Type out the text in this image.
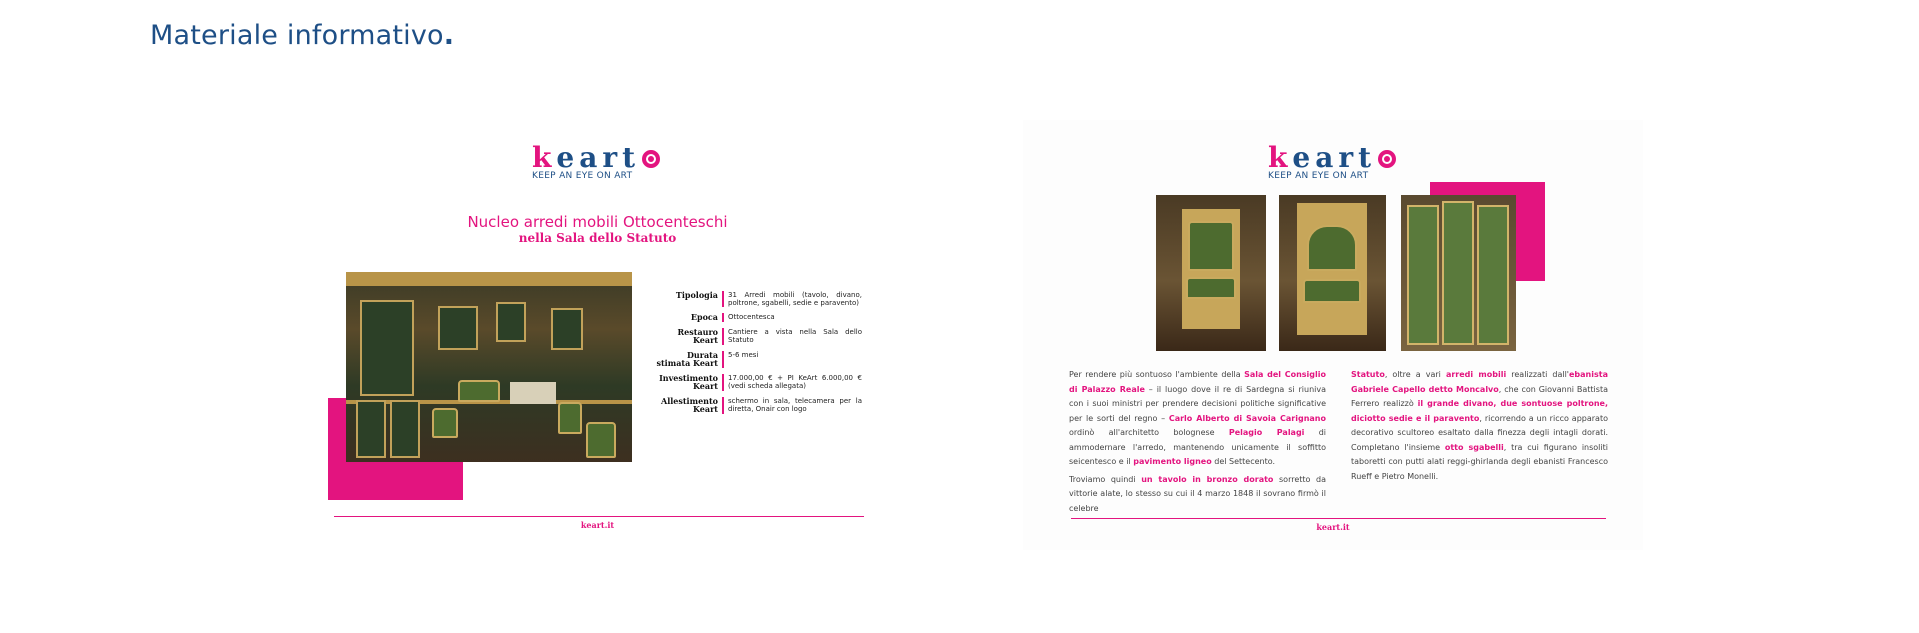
Materiale informativo.
keart
KEEP AN EYE ON ART
Nucleo arredi mobili Ottocenteschi
nella Sala dello Statuto
Tipologia	31 Arredi mobili (tavolo, divano, poltrone, sgabelli, sedie e paravento)
Epoca	Ottocentesca
Restauro Keart
Cantiere a vista nella Sala dello Statuto
Durata stimata Keart
5-6 mesi
Investimento Keart
17.000,00 € + PI KeArt 6.000,00 € (vedi scheda allegata)
Allestimento Keart
schermo in sala, telecamera per la diretta, Onair con logo
keart.it
keart
KEEP AN EYE ON ART

Per rendere più sontuoso l'ambiente della Sala del Consiglio di Palazzo Reale – il luogo dove il re di Sardegna si riuniva con i suoi ministri per prendere decisioni politiche significative per le sorti del regno – Carlo Alberto di Savoia Carignano ordinò all'architetto bolognese Pelagio Palagi di ammodernare l'arredo, mantenendo unicamente il soffitto seicentesco e il pavimento ligneo del Settecento.

Troviamo quindi un tavolo in bronzo dorato sorretto da vittorie alate, lo stesso su cui il 4 marzo 1848 il sovrano firmò il celebre

Statuto, oltre a vari arredi mobili realizzati dall'ebanista Gabriele Capello detto Moncalvo, che con Giovanni Battista Ferrero realizzò il grande divano, due sontuose poltrone, diciotto sedie e il paravento, ricorrendo a un ricco apparato decorativo scultoreo esaltato dalla finezza degli intagli dorati. Completano l'insieme otto sgabelli, tra cui figurano insoliti taboretti con putti alati reggi-ghirlanda degli ebanisti Francesco Rueff e Pietro Monelli.

keart.it
